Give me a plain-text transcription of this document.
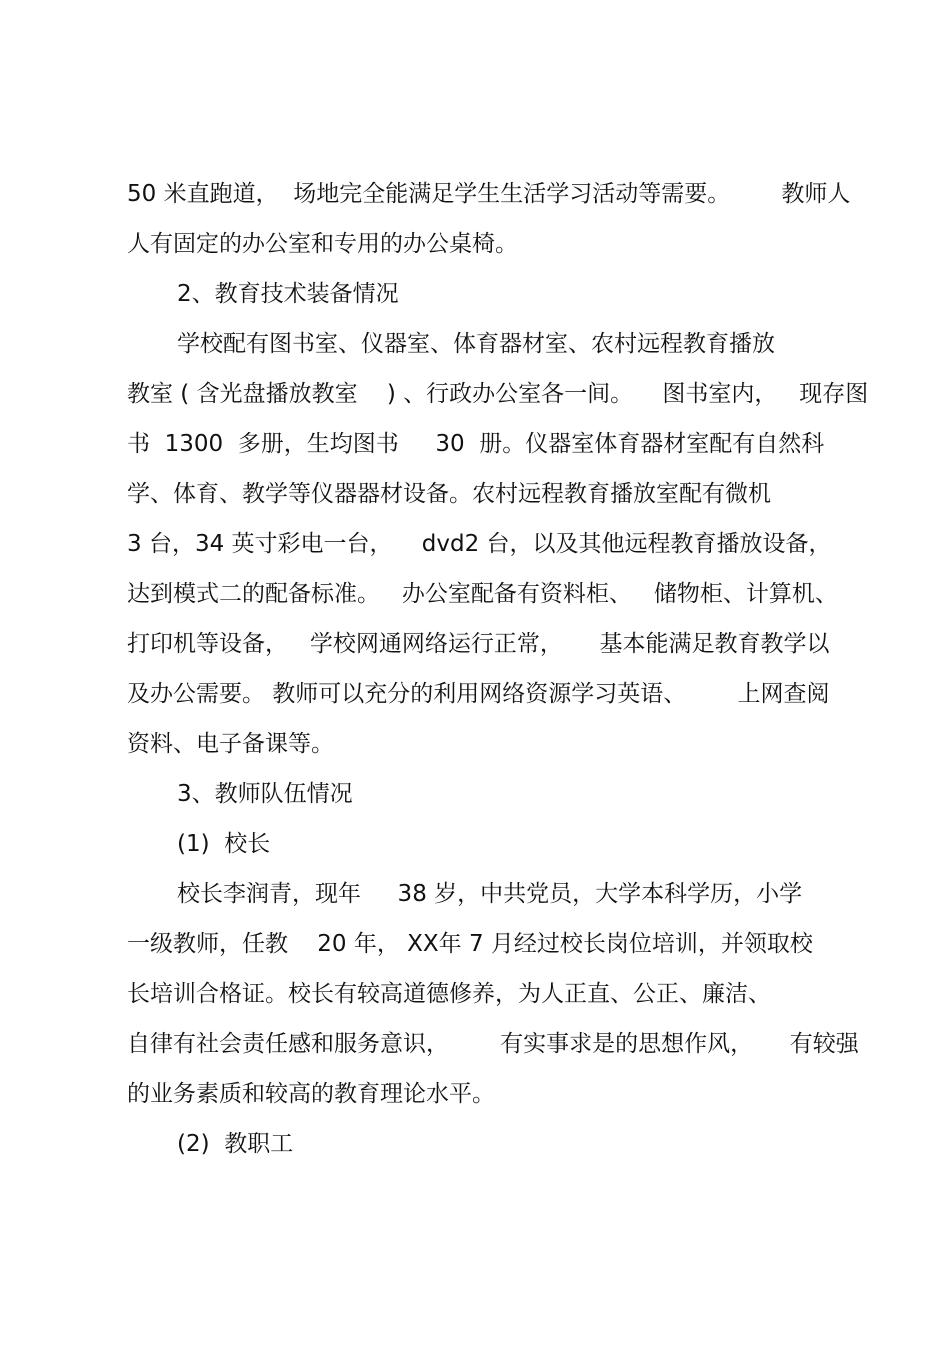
50 米直跑道，  场地完全能满足学生生活学习活动等需要。       教师人
人有固定的办公室和专用的办公桌椅。
2、教育技术装备情况
学校配有图书室、仪器室、体育器材室、农村远程教育播放
教室 ( 含光盘播放教室    ) 、行政办公室各一间。    图书室内，   现存图
书  1300  多册，生均图书     30  册。仪器室体育器材室配有自然科
学、体育、教学等仪器器材设备。农村远程教育播放室配有微机
3 台，34 英寸彩电一台，    dvd2 台，以及其他远程教育播放设备，
达到模式二的配备标准。   办公室配备有资料柜、   储物柜、计算机、
打印机等设备，   学校网通网络运行正常，     基本能满足教育教学以
及办公需要。 教师可以充分的利用网络资源学习英语、       上网查阅
资料、电子备课等。
3、教师队伍情况
(1)  校长
校长李润青，现年     38 岁，中共党员，大学本科学历，小学
一级教师，任教    20 年， XX年 7 月经过校长岗位培训，并领取校
长培训合格证。校长有较高道德修养，为人正直、公正、廉洁、
自律有社会责任感和服务意识，       有实事求是的思想作风，     有较强
的业务素质和较高的教育理论水平。
(2)  教职工
